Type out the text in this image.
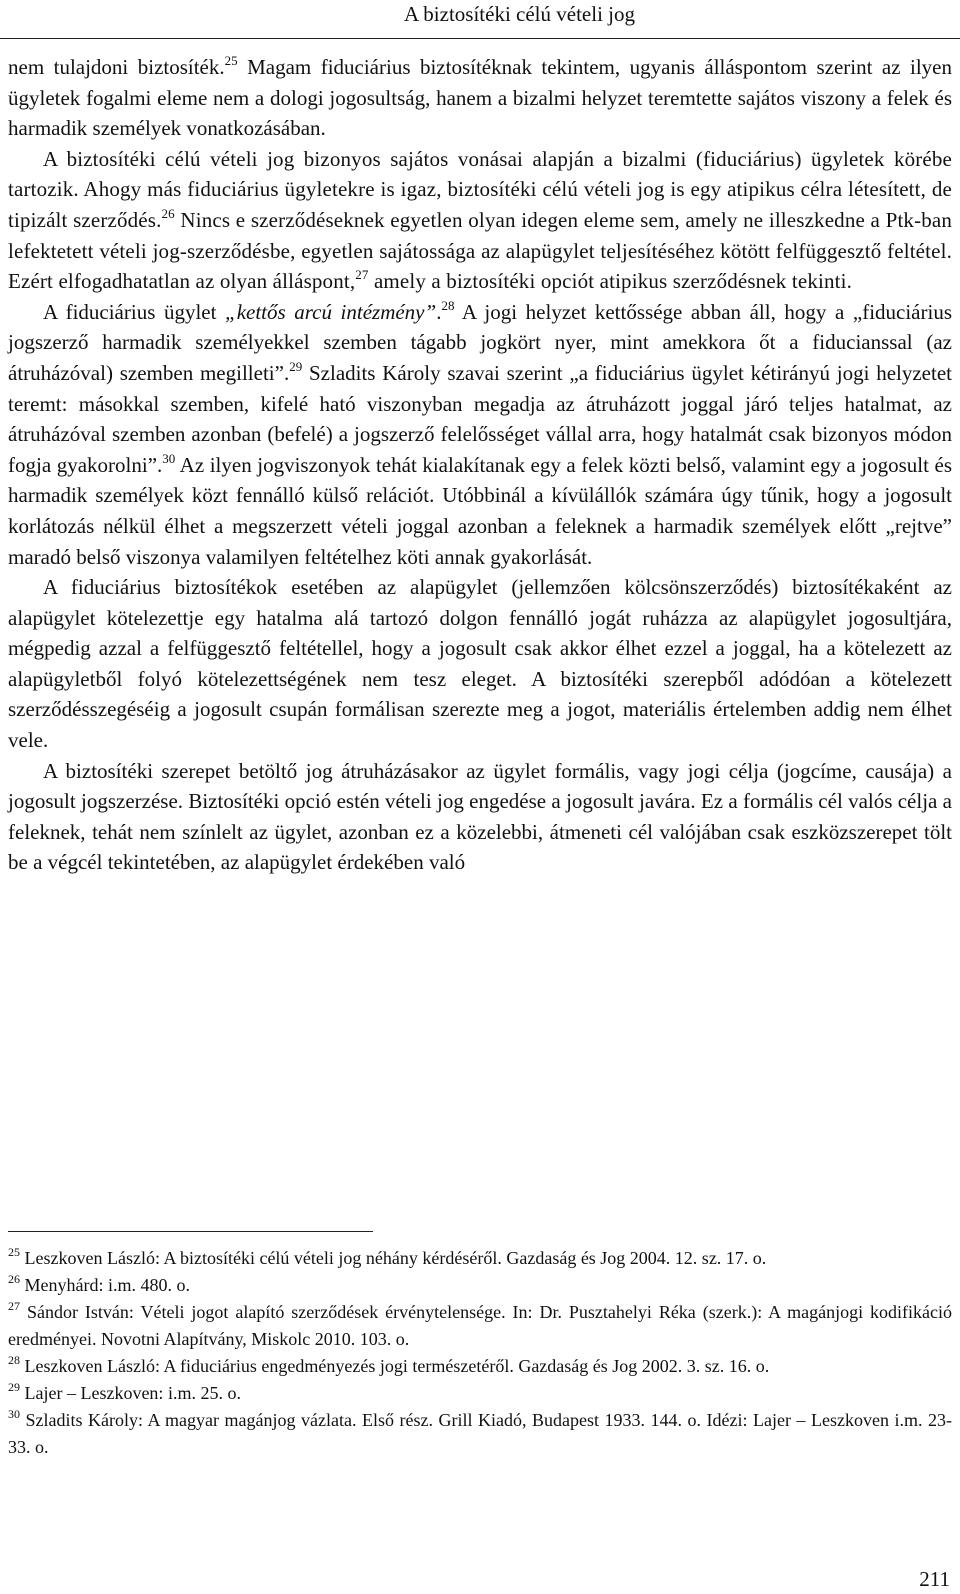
A biztosítéki célú vételi jog

nem tulajdoni biztosíték.$^{25}$ Magam fiduciárius biztosítéknak tekintem, ugyanis álláspontom szerint az ilyen ügyletek fogalmi eleme nem a dologi jogosultság, hanem a bizalmi helyzet teremtette sajátos viszony a felek és harmadik személyek vonatkozásában.

A biztosítéki célú vételi jog bizonyos sajátos vonásai alapján a bizalmi (fiduciárius) ügyletek körébe tartozik. Ahogy más fiduciárius ügyletekre is igaz, biztosítéki célú vételi jog is egy atipikus célra létesített, de tipizált szerződés.$^{26}$ Nincs e szerződéseknek egyetlen olyan idegen eleme sem, amely ne illeszkedne a Ptk-ban lefektetett vételi jog-szerződésbe, egyetlen sajátossága az alapügylet teljesítéséhez kötött felfüggesztő feltétel. Ezért elfogadhatatlan az olyan álláspont,$^{27}$ amely a biztosítéki opciót atipikus szerződésnek tekinti.

A fiduciárius ügylet „kettős arcú intézmény”.$^{28}$ A jogi helyzet kettőssége abban áll, hogy a „fiduciárius jogszerző harmadik személyekkel szemben tágabb jogkört nyer, mint amekkora őt a fiducianssal (az átruházóval) szemben megilleti”.$^{29}$ Szladits Károly szavai szerint „a fiduciárius ügylet kétirányú jogi helyzetet teremt: másokkal szemben, kifelé ható viszonyban megadja az átruházott joggal járó teljes hatalmat, az átruházóval szemben azonban (befelé) a jogszerző felelősséget vállal arra, hogy hatalmát csak bizonyos módon fogja gyakorolni”.$^{30}$ Az ilyen jogviszonyok tehát kialakítanak egy a felek közti belső, valamint egy a jogosult és harmadik személyek közt fennálló külső relációt. Utóbbinál a kívülállók számára úgy tűnik, hogy a jogosult korlátozás nélkül élhet a megszerzett vételi joggal azonban a feleknek a harmadik személyek előtt „rejtve” maradó belső viszonya valamilyen feltételhez köti annak gyakorlását.

A fiduciárius biztosítékok esetében az alapügylet (jellemzően kölcsönszerződés) biztosítékaként az alapügylet kötelezettje egy hatalma alá tartozó dolgon fennálló jogát ruházza az alapügylet jogosultjára, mégpedig azzal a felfüggesztő feltétellel, hogy a jogosult csak akkor élhet ezzel a joggal, ha a kötelezett az alapügyletből folyó kötelezettségének nem tesz eleget. A biztosítéki szerepből adódóan a kötelezett szerződésszegéséig a jogosult csupán formálisan szerezte meg a jogot, materiális értelemben addig nem élhet vele.

A biztosítéki szerepet betöltő jog átruházásakor az ügylet formális, vagy jogi célja (jogcíme, causája) a jogosult jogszerzése. Biztosítéki opció estén vételi jog engedése a jogosult javára. Ez a formális cél valós célja a feleknek, tehát nem színlelt az ügylet, azonban ez a közelebbi, átmeneti cél valójában csak eszközszerepet tölt be a végcél tekintetében, az alapügylet érdekében való

$^{25}$ Leszkoven László: A biztosítéki célú vételi jog néhány kérdéséről. Gazdaság és Jog 2004. 12. sz. 17. o.

$^{26}$ Menyhárd: i.m. 480. o.

$^{27}$ Sándor István: Vételi jogot alapító szerződések érvénytelensége. In: Dr. Pusztahelyi Réka (szerk.): A magánjogi kodifikáció eredményei. Novotni Alapítvány, Miskolc 2010. 103. o.

$^{28}$ Leszkoven László: A fiduciárius engedményezés jogi természetéről. Gazdaság és Jog 2002. 3. sz. 16. o.

$^{29}$ Lajer – Leszkoven: i.m. 25. o.

$^{30}$ Szladits Károly: A magyar magánjog vázlata. Első rész. Grill Kiadó, Budapest 1933. 144. o. Idézi: Lajer – Leszkoven i.m. 23-33. o.

211
